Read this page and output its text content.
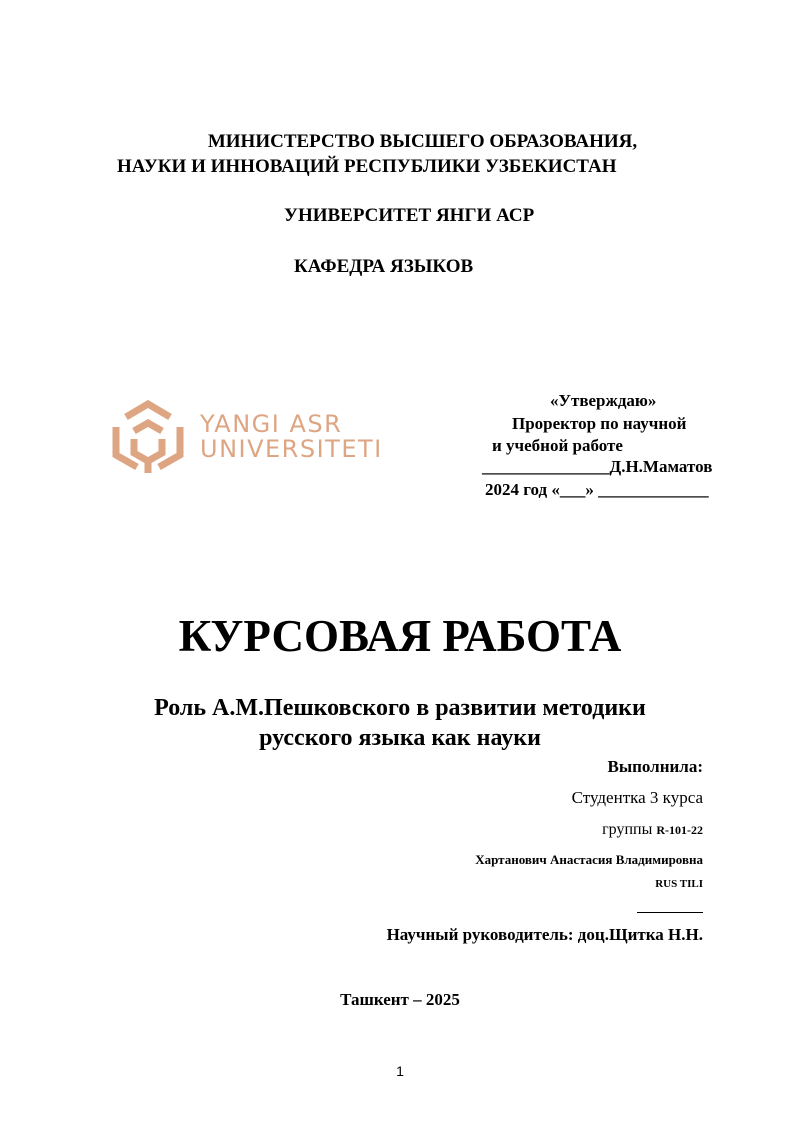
МИНИСТЕРСТВО ВЫСШЕГО ОБРАЗОВАНИЯ,
НАУКИ И ИННОВАЦИЙ РЕСПУБЛИКИ УЗБЕКИСТАН
УНИВЕРСИТЕТ ЯНГИ АСР
КАФЕДРА ЯЗЫКОВ
YANGI ASR
UNIVERSITETI
«Утверждаю»
Проректор по научной
и учебной работе
_______________Д.Н.Маматов
2024 год «___» _____________
КУРСОВАЯ РАБОТА
Роль А.М.Пешковского в развитии методики русского языка как науки
Выполнила:
Студентка 3 курса
группы R-101-22
Хартанович Анастасия Владимировна
RUS TILI
Научный руководитель: доц.Щитка Н.Н.
Ташкент – 2025
1
